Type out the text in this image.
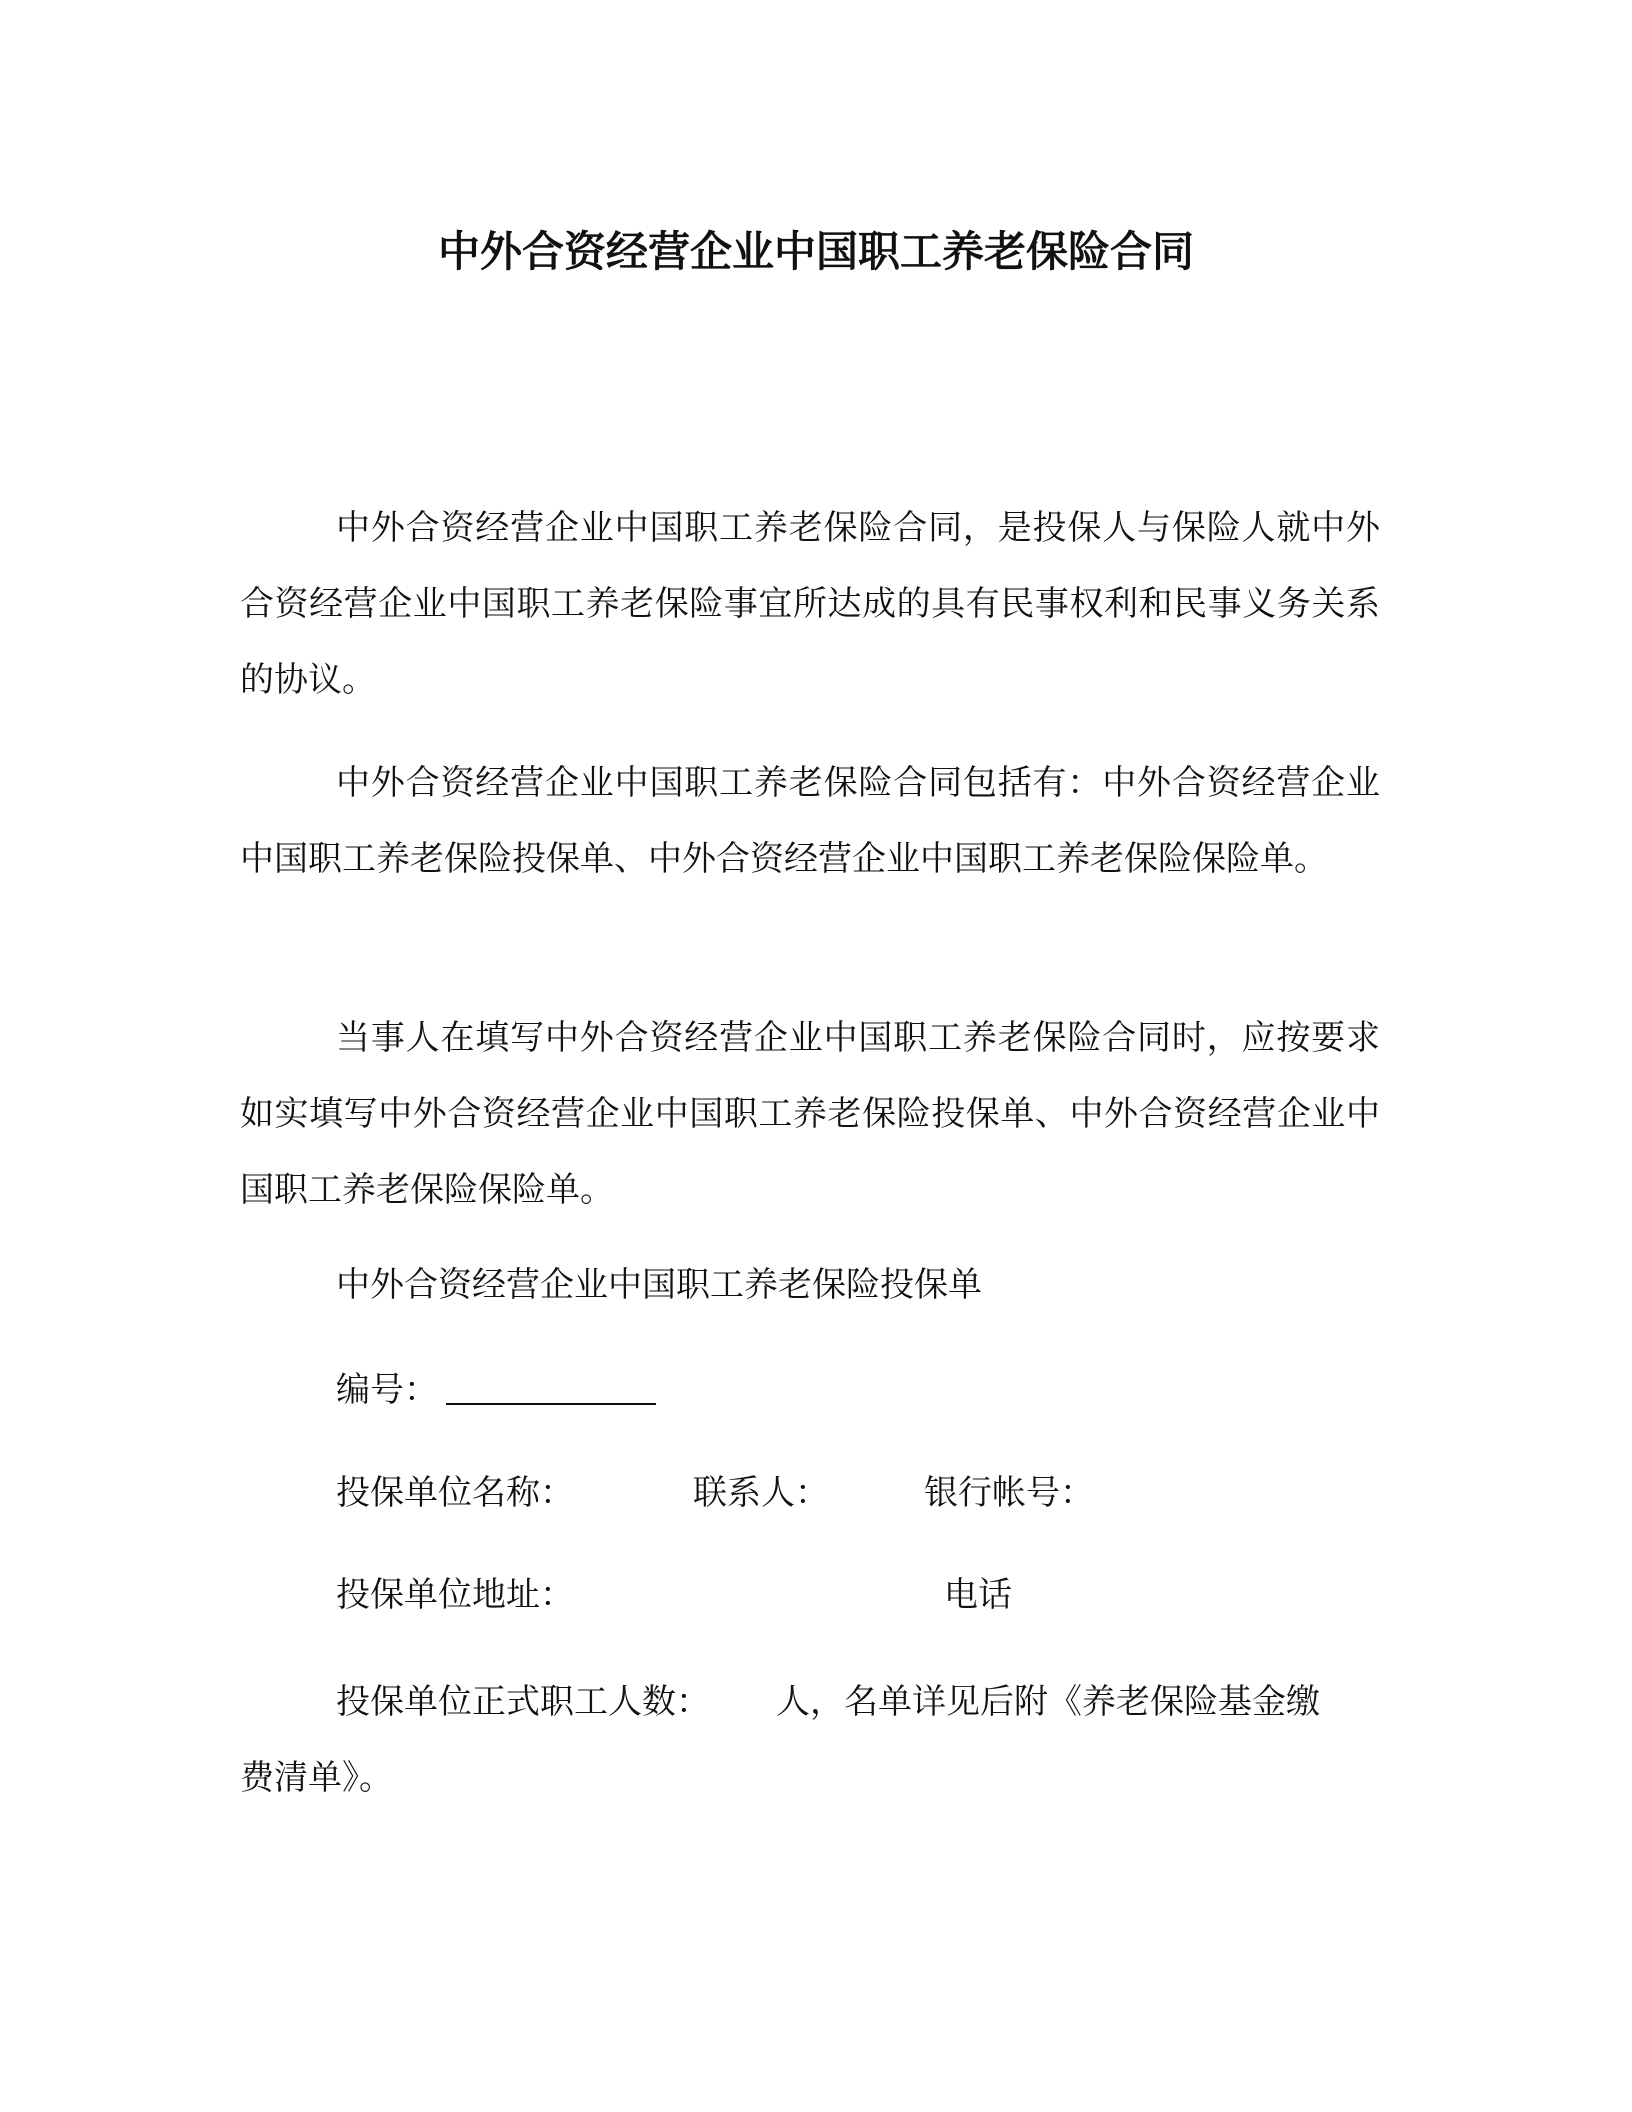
中外合资经营企业中国职工养老保险合同

中外合资经营企业中国职工养老保险合同，是投保人与保险人就中外合资经营企业中国职工养老保险事宜所达成的具有民事权利和民事义务关系的协议。

中外合资经营企业中国职工养老保险合同包括有：中外合资经营企业中国职工养老保险投保单、中外合资经营企业中国职工养老保险保险单。

当事人在填写中外合资经营企业中国职工养老保险合同时，应按要求如实填写中外合资经营企业中国职工养老保险投保单、中外合资经营企业中国职工养老保险保险单。

中外合资经营企业中国职工养老保险投保单
编号：
投保单位名称：	联系人：	银行帐号：
投保单位地址：	电话
投保单位正式职工人数： 人，名单详见后附《养老保险基金缴
费清单》。
